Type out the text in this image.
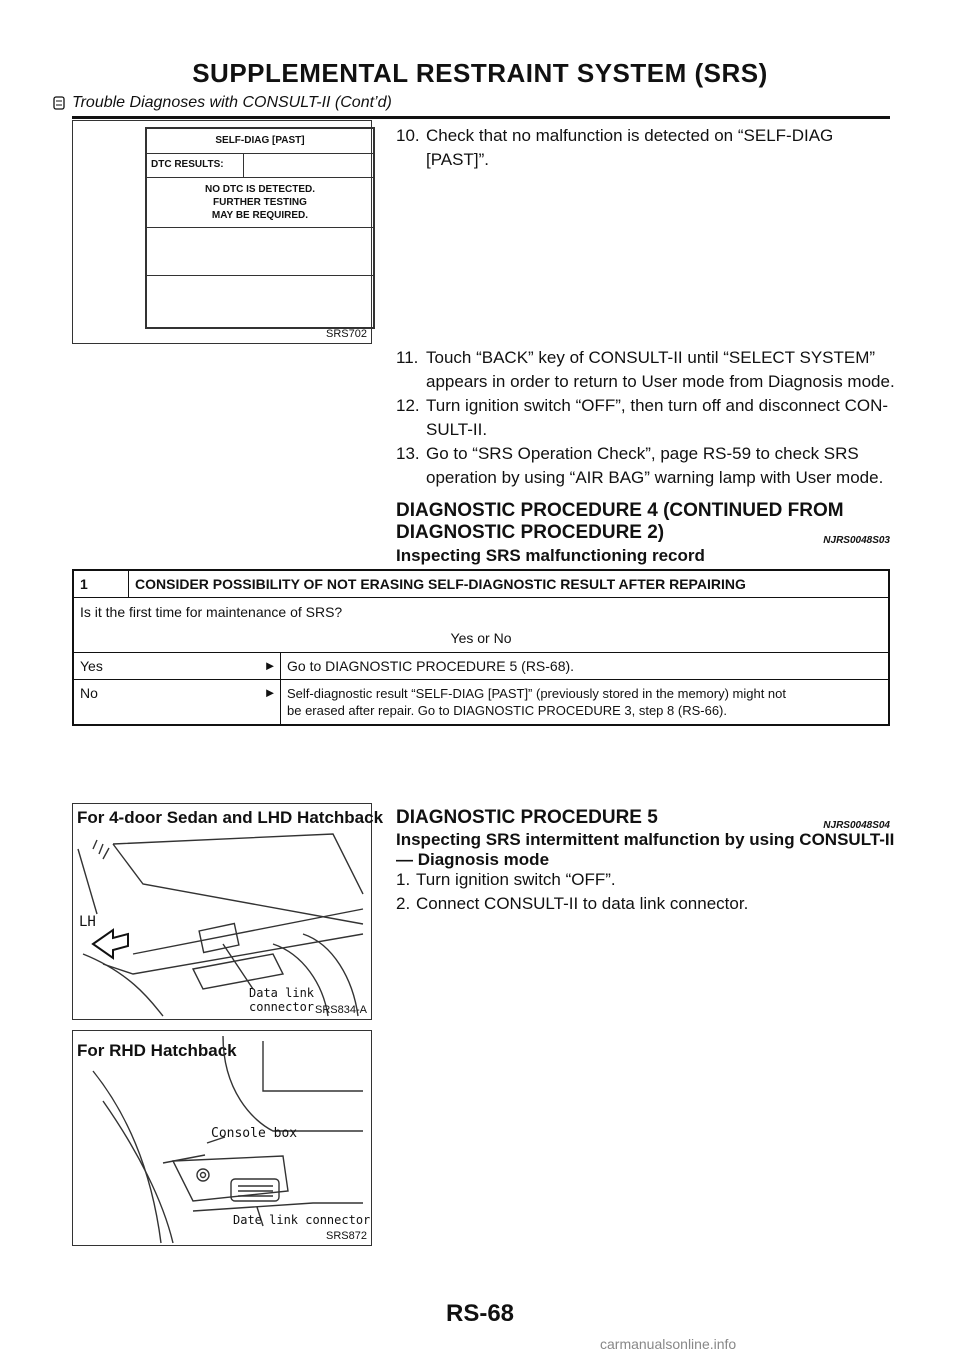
SUPPLEMENTAL RESTRAINT SYSTEM (SRS)
Trouble Diagnoses with CONSULT-II (Cont’d)
SELF-DIAG [PAST]
DTC RESULTS:
NO DTC IS DETECTED.
FURTHER TESTING
MAY BE REQUIRED.
SRS702
10. Check that no malfunction is detected on “SELF-DIAG
[PAST]”.
11. Touch “BACK” key of CONSULT-II until “SELECT SYSTEM”
appears in order to return to User mode from Diagnosis mode.
12. Turn ignition switch “OFF”, then turn off and disconnect CON-
SULT-II.
13. Go to “SRS Operation Check”, page RS-59 to check SRS
operation by using “AIR BAG” warning lamp with User mode.
DIAGNOSTIC PROCEDURE 4 (CONTINUED FROM
DIAGNOSTIC PROCEDURE 2)	NJRS0048S03
Inspecting SRS malfunctioning record
1	CONSIDER POSSIBILITY OF NOT ERASING SELF-DIAGNOSTIC RESULT AFTER REPAIRING
Is it the first time for maintenance of SRS?
Yes or No
Yes	► Go to DIAGNOSTIC PROCEDURE 5 (RS-68).
No	► Self-diagnostic result “SELF-DIAG [PAST]” (previously stored in the memory) might not
be erased after repair. Go to DIAGNOSTIC PROCEDURE 3, step 8 (RS-66).
For 4-door Sedan and LHD Hatchback
LH
Data link connector SRS834-A
For RHD Hatchback
Console box
Date link connector
SRS872
DIAGNOSTIC PROCEDURE 5	NJRS0048S04
Inspecting SRS intermittent malfunction by using CONSULT-II
— Diagnosis mode
1. Turn ignition switch “OFF”.
2. Connect CONSULT-II to data link connector.
RS-68
carmanualsonline.info
